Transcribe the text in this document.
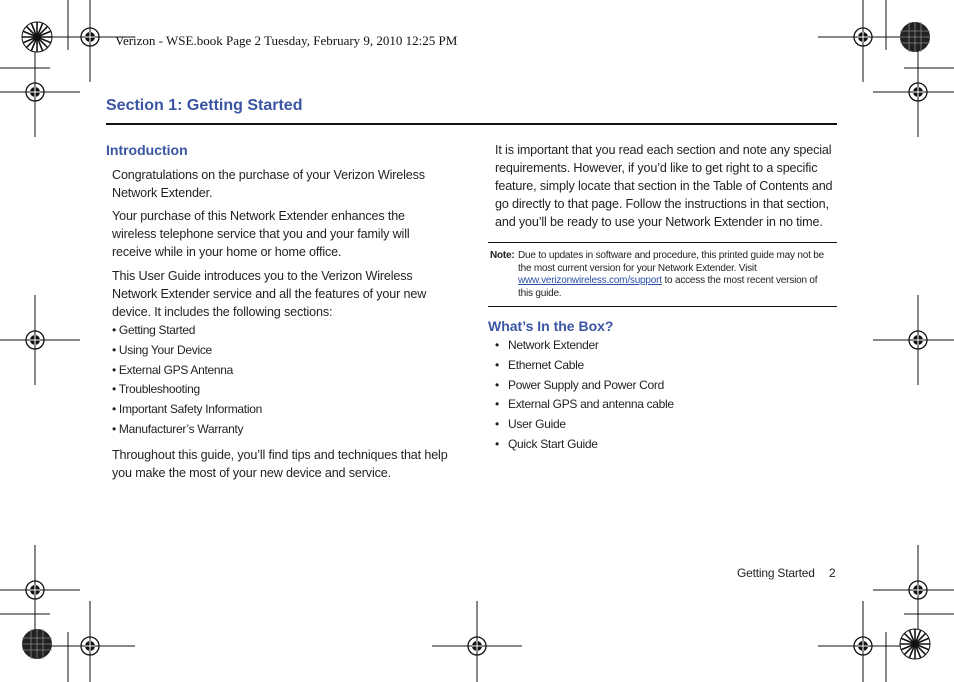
Verizon - WSE.book Page 2 Tuesday, February 9, 2010 12:25 PM
Section 1: Getting Started
Introduction
Congratulations on the purchase of your Verizon Wireless Network Extender.
Your purchase of this Network Extender enhances the wireless telephone service that you and your family will receive while in your home or home office.
This User Guide introduces you to the Verizon Wireless Network Extender service and all the features of your new device. It includes the following sections:
• Getting Started
• Using Your Device
• External GPS Antenna
• Troubleshooting
• Important Safety Information
• Manufacturer’s Warranty
Throughout this guide, you’ll find tips and techniques that help you make the most of your new device and service.
It is important that you read each section and note any special requirements. However, if you’d like to get right to a specific feature, simply locate that section in the Table of Contents and go directly to that page. Follow the instructions in that section, and you’ll be ready to use your Network Extender in no time.
Note: Due to updates in software and procedure, this printed guide may not be the most current version for your Network Extender. Visit www.verizonwireless.com/support to access the most recent version of this guide.
What’s In the Box?
• Network Extender
• Ethernet Cable
• Power Supply and Power Cord
• External GPS and antenna cable
• User Guide
• Quick Start Guide
Getting Started 2
